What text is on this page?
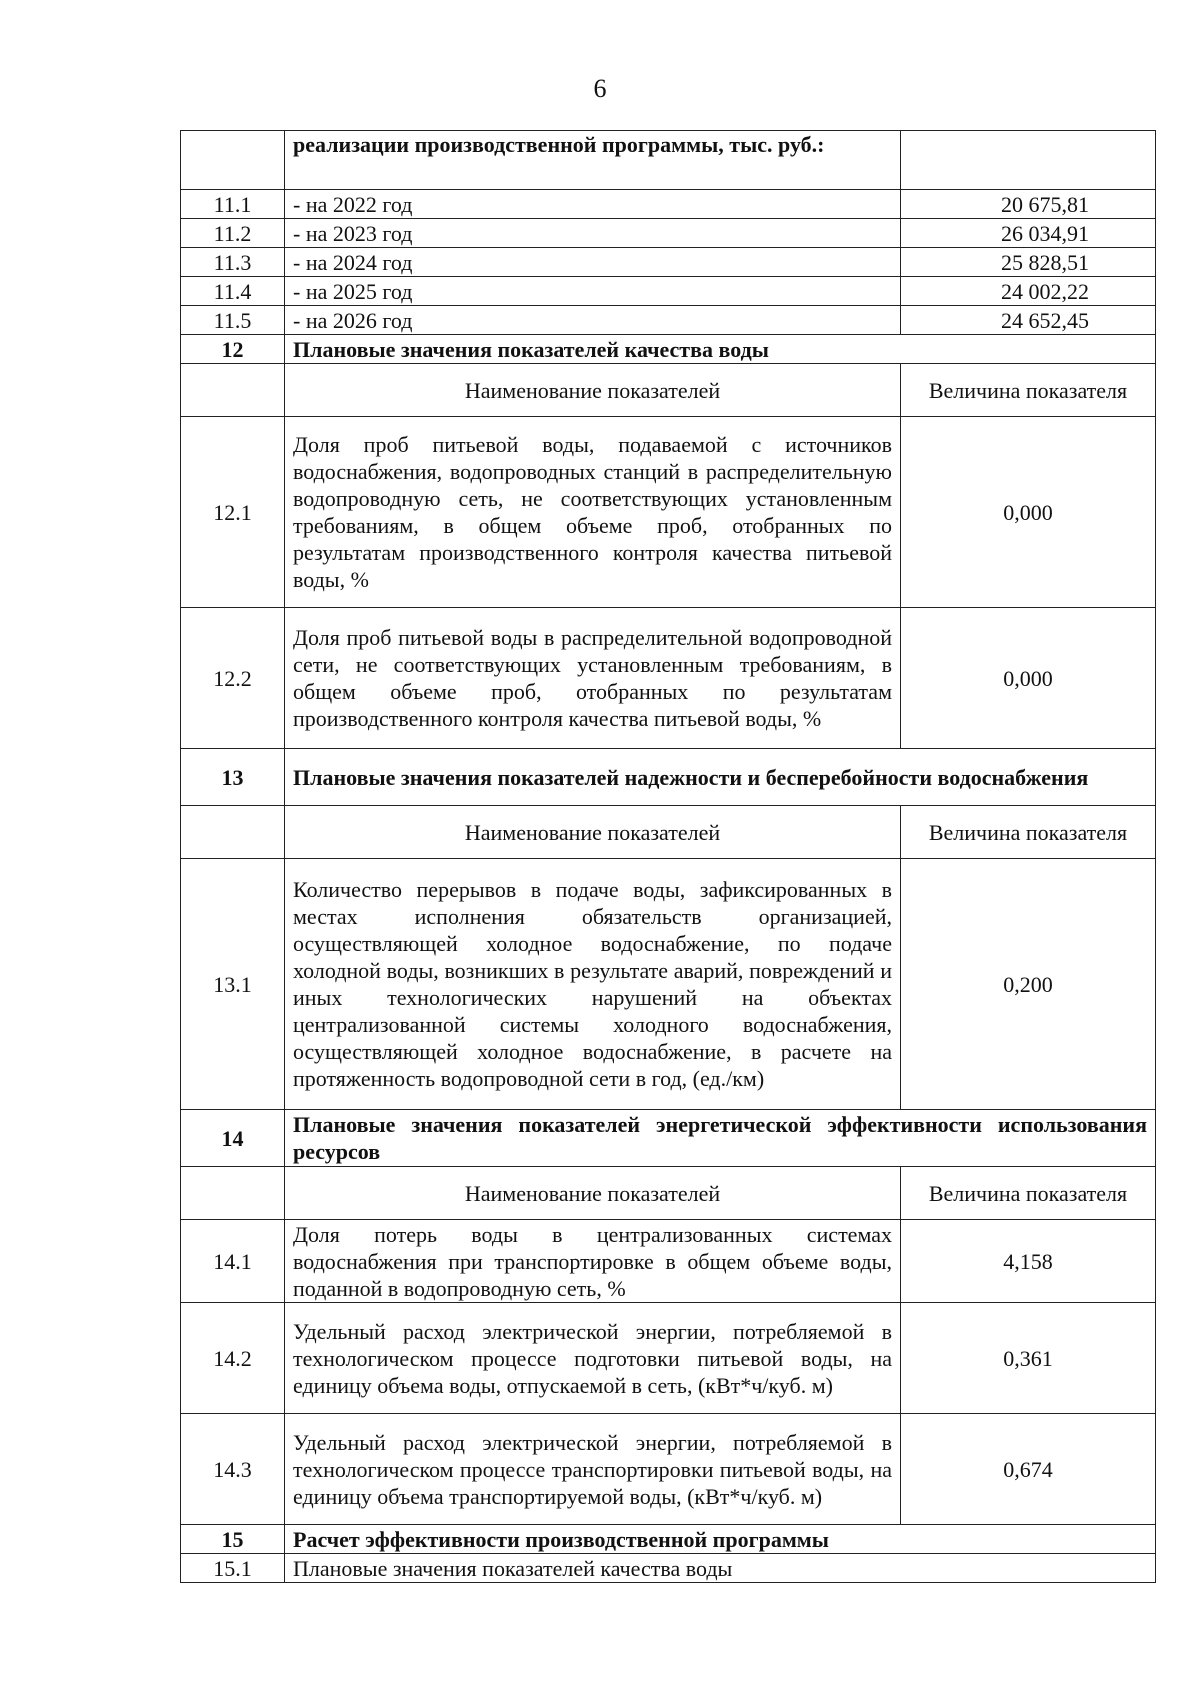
6
	реализации производственной программы, тыс. руб.:	
11.1	- на 2022 год	20 675,81
11.2	- на 2023 год	26 034,91
11.3	- на 2024 год	25 828,51
11.4	- на 2025 год	24 002,22
11.5	- на 2026 год	24 652,45
12	Плановые значения показателей качества воды	
	Наименование показателей	Величина показателя
12.1	Доля проб питьевой воды, подаваемой с источников водоснабжения, водопроводных станций в распределительную водопроводную сеть, не соответствующих установленным требованиям, в общем объеме проб, отобранных по результатам производственного контроля качества питьевой воды, %	0,000
12.2	Доля проб питьевой воды в распределительной водопроводной сети, не соответствующих установленным требованиям, в общем объеме проб, отобранных по результатам производственного контроля качества питьевой воды, %	0,000
13	Плановые значения показателей надежности и бесперебойности водоснабжения	
	Наименование показателей	Величина показателя
13.1	Количество перерывов в подаче воды, зафиксированных в местах исполнения обязательств организацией, осуществляющей холодное водоснабжение, по подаче холодной воды, возникших в результате аварий, повреждений и иных технологических нарушений на объектах централизованной системы холодного водоснабжения, осуществляющей холодное водоснабжение, в расчете на протяженность водопроводной сети в год, (ед./км)	0,200
14	Плановые значения показателей энергетической эффективности использования ресурсов	
	Наименование показателей	Величина показателя
14.1	Доля потерь воды в централизованных системах водоснабжения при транспортировке в общем объеме воды, поданной в водопроводную сеть, %	4,158
14.2	Удельный расход электрической энергии, потребляемой в технологическом процессе подготовки питьевой воды, на единицу объема воды, отпускаемой в сеть, (кВт*ч/куб. м)	0,361
14.3	Удельный расход электрической энергии, потребляемой в технологическом процессе транспортировки питьевой воды, на единицу объема транспортируемой воды, (кВт*ч/куб. м)	0,674
15	Расчет эффективности производственной программы	
15.1	Плановые значения показателей качества воды	
